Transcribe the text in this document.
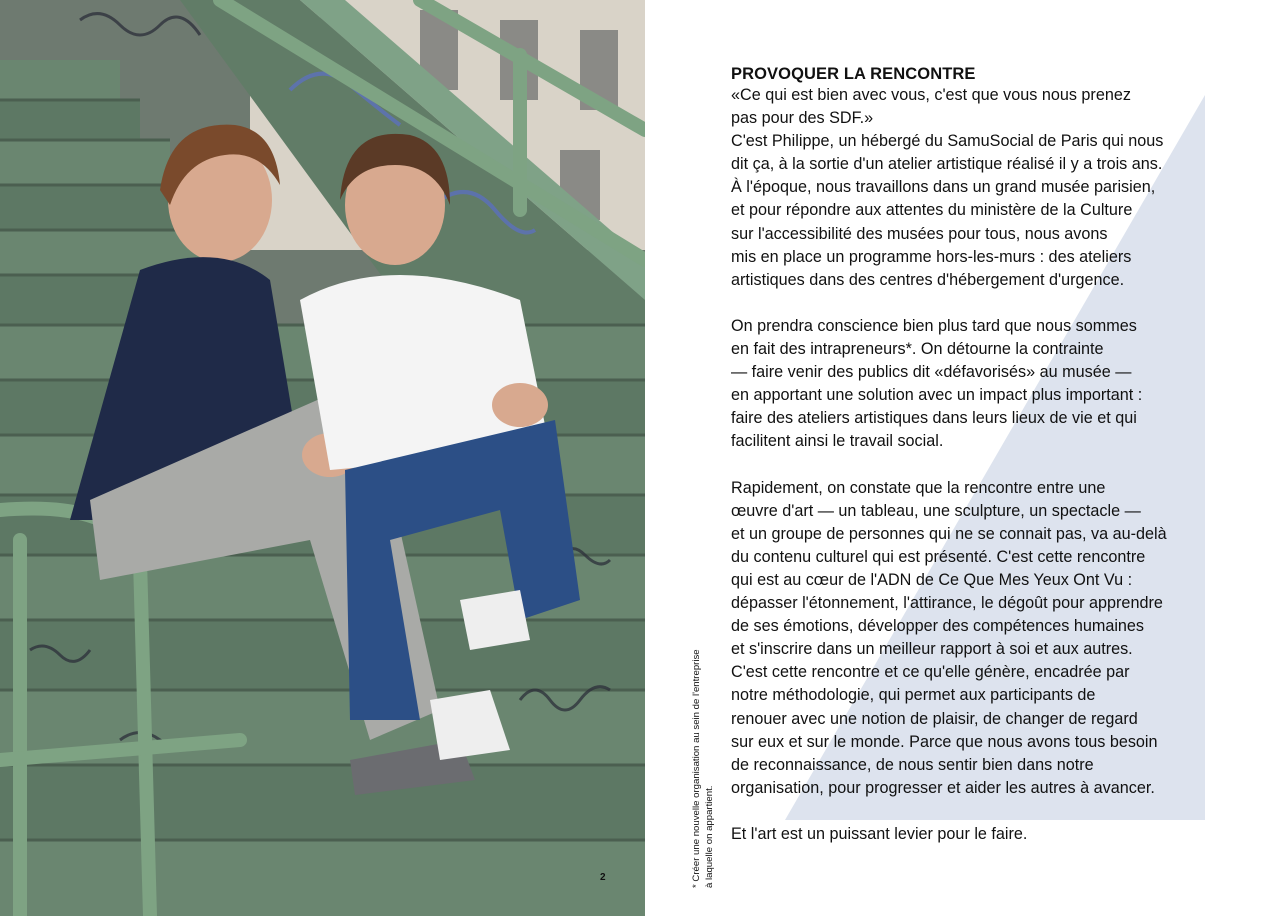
2	* Créer une nouvelle organisation au sein de l'entreprise à laquelle on appartient.
PROVOQUER LA RENCONTRE

«Ce qui est bien avec vous, c'est que vous nous prenez
pas pour des SDF.»
C'est Philippe, un hébergé du SamuSocial de Paris qui nous
dit ça, à la sortie d'un atelier artistique réalisé il y a trois ans.
À l'époque, nous travaillons dans un grand musée parisien,
et pour répondre aux attentes du ministère de la Culture
sur l'accessibilité des musées pour tous, nous avons
mis en place un programme hors-les-murs : des ateliers
artistiques dans des centres d'hébergement d'urgence.

On prendra conscience bien plus tard que nous sommes
en fait des intrapreneurs*. On détourne la contrainte
— faire venir des publics dit «défavorisés» au musée —
en apportant une solution avec un impact plus important :
faire des ateliers artistiques dans leurs lieux de vie et qui
facilitent ainsi le travail social.

Rapidement, on constate que la rencontre entre une
œuvre d'art — un tableau, une sculpture, un spectacle —
et un groupe de personnes qui ne se connait pas, va au-delà
du contenu culturel qui est présenté. C'est cette rencontre
qui est au cœur de l'ADN de Ce Que Mes Yeux Ont Vu :
dépasser l'étonnement, l'attirance, le dégoût pour apprendre
de ses émotions, développer des compétences humaines
et s'inscrire dans un meilleur rapport à soi et aux autres.
C'est cette rencontre et ce qu'elle génère, encadrée par
notre méthodologie, qui permet aux participants de
renouer avec une notion de plaisir, de changer de regard
sur eux et sur le monde. Parce que nous avons tous besoin
de reconnaissance, de nous sentir bien dans notre
organisation, pour progresser et aider les autres à avancer.

Et l'art est un puissant levier pour le faire.
